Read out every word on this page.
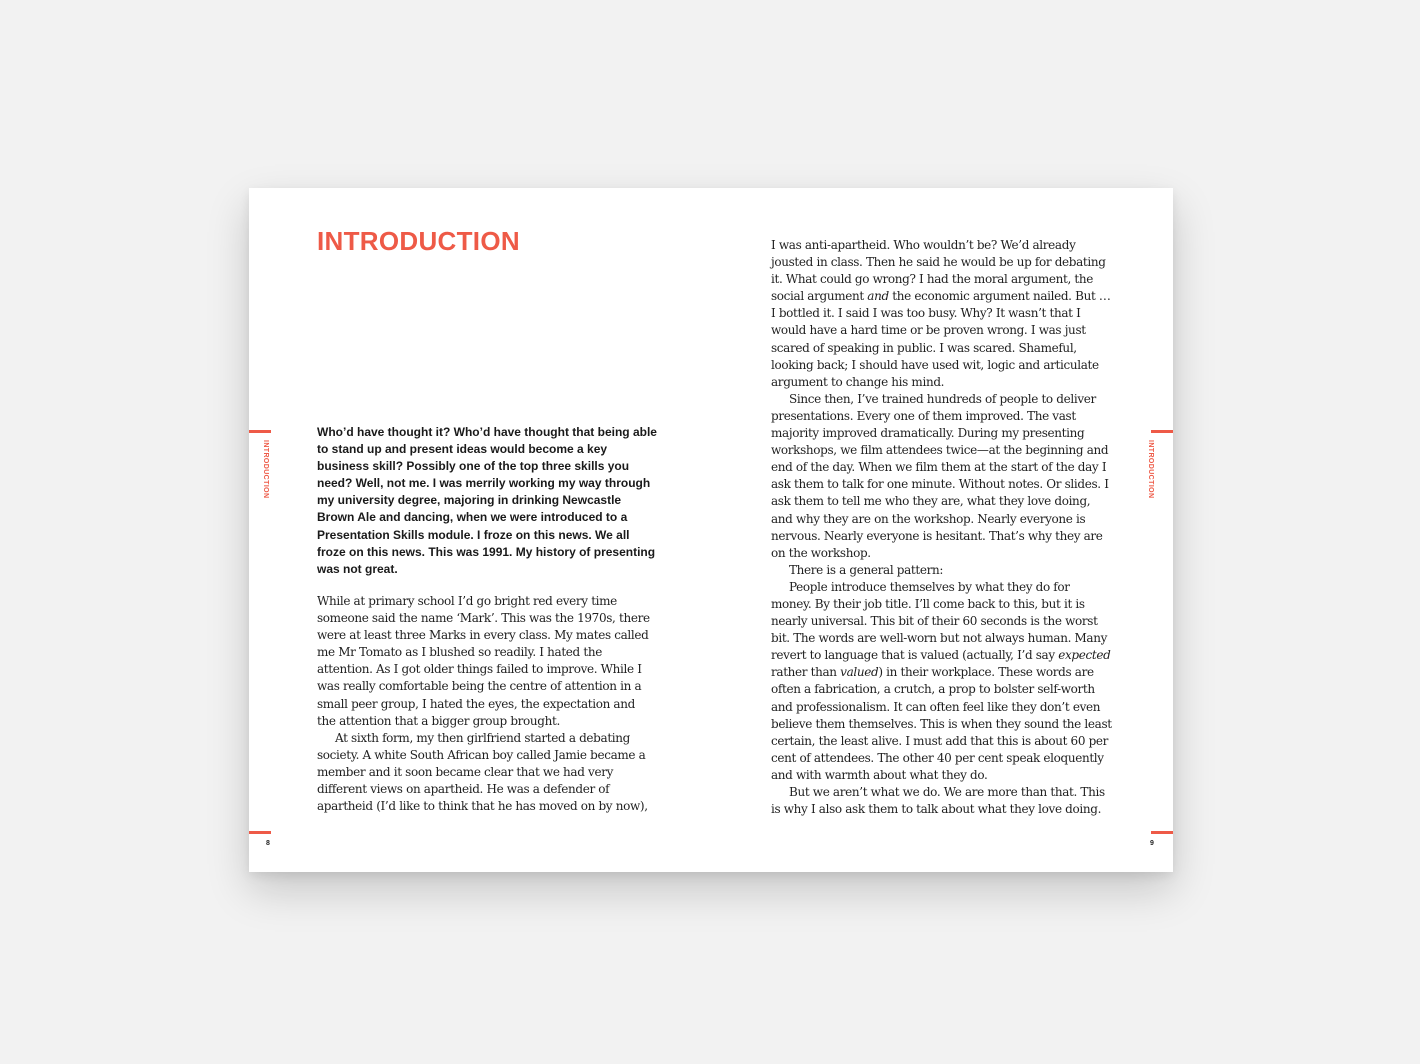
INTRODUCTION

Who’d have thought it? Who’d have thought that being able to stand up and present ideas would become a key business skill? Possibly one of the top three skills you need? Well, not me. I was merrily working my way through my university degree, majoring in drinking Newcastle Brown Ale and dancing, when we were introduced to a Presentation Skills module. I froze on this news. We all froze on this news. This was 1991. My history of presenting was not great.

While at primary school I’d go bright red every time someone said the name ‘Mark’. This was the 1970s, there were at least three Marks in every class. My mates called me Mr Tomato as I blushed so readily. I hated the attention. As I got older things failed to improve. While I was really comfortable being the centre of attention in a small peer group, I hated the eyes, the expectation and the attention that a bigger group brought.

At sixth form, my then girlfriend started a debating society. A white South African boy called Jamie became a member and it soon became clear that we had very different views on apartheid. He was a defender of apartheid (I’d like to think that he has moved on by now),

INTRODUCTION
8

I was anti-apartheid. Who wouldn’t be? We’d already jousted in class. Then he said he would be up for debating it. What could go wrong? I had the moral argument, the social argument and the economic argument nailed. But … I bottled it. I said I was too busy. Why? It wasn’t that I would have a hard time or be proven wrong. I was just scared of speaking in public. I was scared. Shameful, looking back; I should have used wit, logic and articulate argument to change his mind.

Since then, I’ve trained hundreds of people to deliver presentations. Every one of them improved. The vast majority improved dramatically. During my presenting workshops, we film attendees twice—at the beginning and end of the day. When we film them at the start of the day I ask them to talk for one minute. Without notes. Or slides. I ask them to tell me who they are, what they love doing, and why they are on the workshop. Nearly everyone is nervous. Nearly everyone is hesitant. That’s why they are on the workshop.

There is a general pattern:

People introduce themselves by what they do for money. By their job title. I’ll come back to this, but it is nearly universal. This bit of their 60 seconds is the worst bit. The words are well-worn but not always human. Many revert to language that is valued (actually, I’d say expected rather than valued) in their workplace. These words are often a fabrication, a crutch, a prop to bolster self-worth and professionalism. It can often feel like they don’t even believe them themselves. This is when they sound the least certain, the least alive. I must add that this is about 60 per cent of attendees. The other 40 per cent speak eloquently and with warmth about what they do.

But we aren’t what we do. We are more than that. This is why I also ask them to talk about what they love doing.

INTRODUCTION
9
